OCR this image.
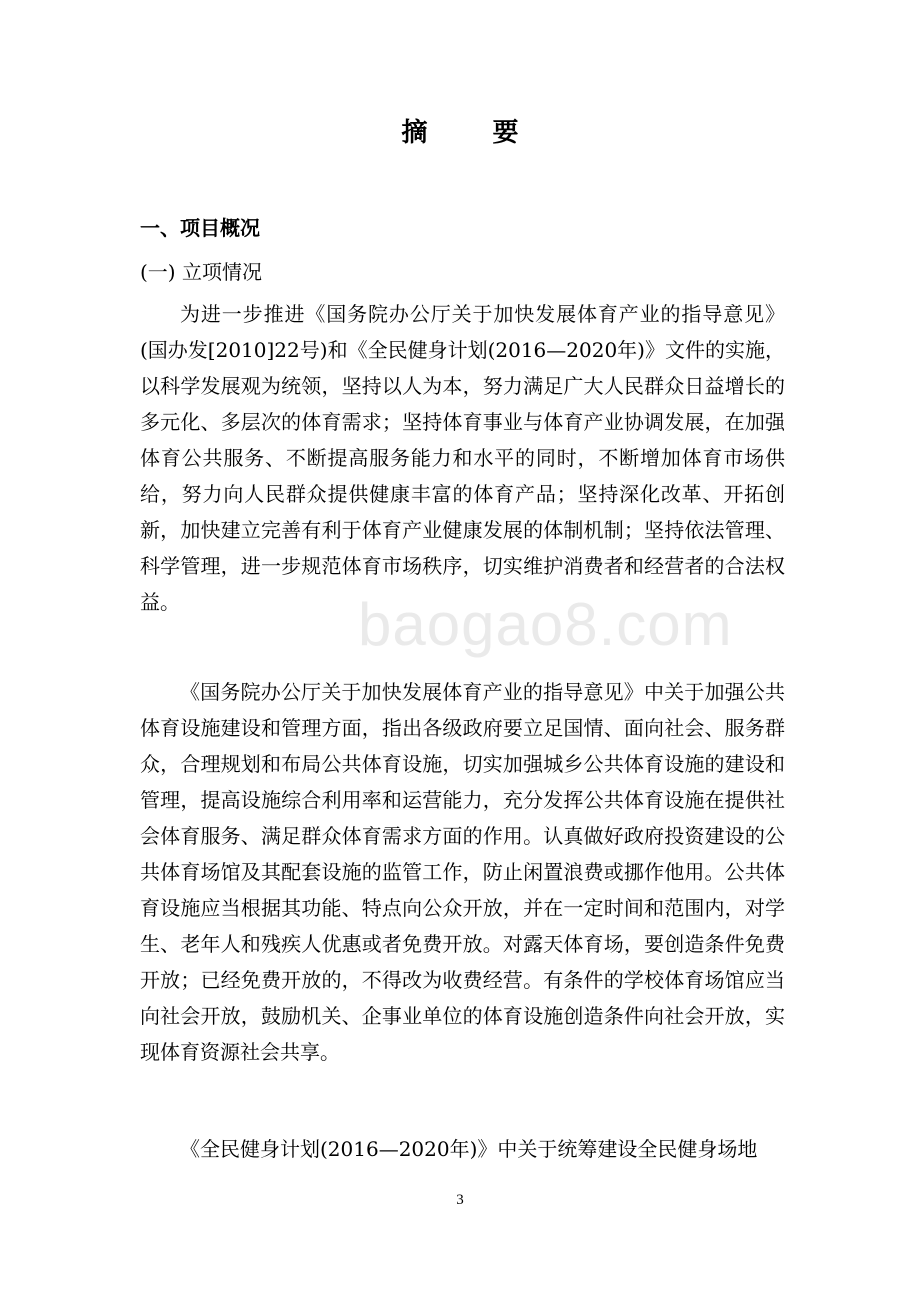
摘 要
一、项目概况
(一) 立项情况

为进一步推进《国务院办公厅关于加快发展体育产业的指导意见》(国办发[2010]22号)和《全民健身计划(2016—2020年)》文件的实施，以科学发展观为统领，坚持以人为本，努力满足广大人民群众日益增长的多元化、多层次的体育需求；坚持体育事业与体育产业协调发展，在加强体育公共服务、不断提高服务能力和水平的同时，不断增加体育市场供给，努力向人民群众提供健康丰富的体育产品；坚持深化改革、开拓创新，加快建立完善有利于体育产业健康发展的体制机制；坚持依法管理、科学管理，进一步规范体育市场秩序，切实维护消费者和经营者的合法权益。

《国务院办公厅关于加快发展体育产业的指导意见》中关于加强公共体育设施建设和管理方面，指出各级政府要立足国情、面向社会、服务群众，合理规划和布局公共体育设施，切实加强城乡公共体育设施的建设和管理，提高设施综合利用率和运营能力，充分发挥公共体育设施在提供社会体育服务、满足群众体育需求方面的作用。认真做好政府投资建设的公共体育场馆及其配套设施的监管工作，防止闲置浪费或挪作他用。公共体育设施应当根据其功能、特点向公众开放，并在一定时间和范围内，对学生、老年人和残疾人优惠或者免费开放。对露天体育场，要创造条件免费开放；已经免费开放的，不得改为收费经营。有条件的学校体育场馆应当向社会开放，鼓励机关、企事业单位的体育设施创造条件向社会开放，实现体育资源社会共享。

《全民健身计划(2016—2020年)》中关于统筹建设全民健身场地

baogao8.com
3
